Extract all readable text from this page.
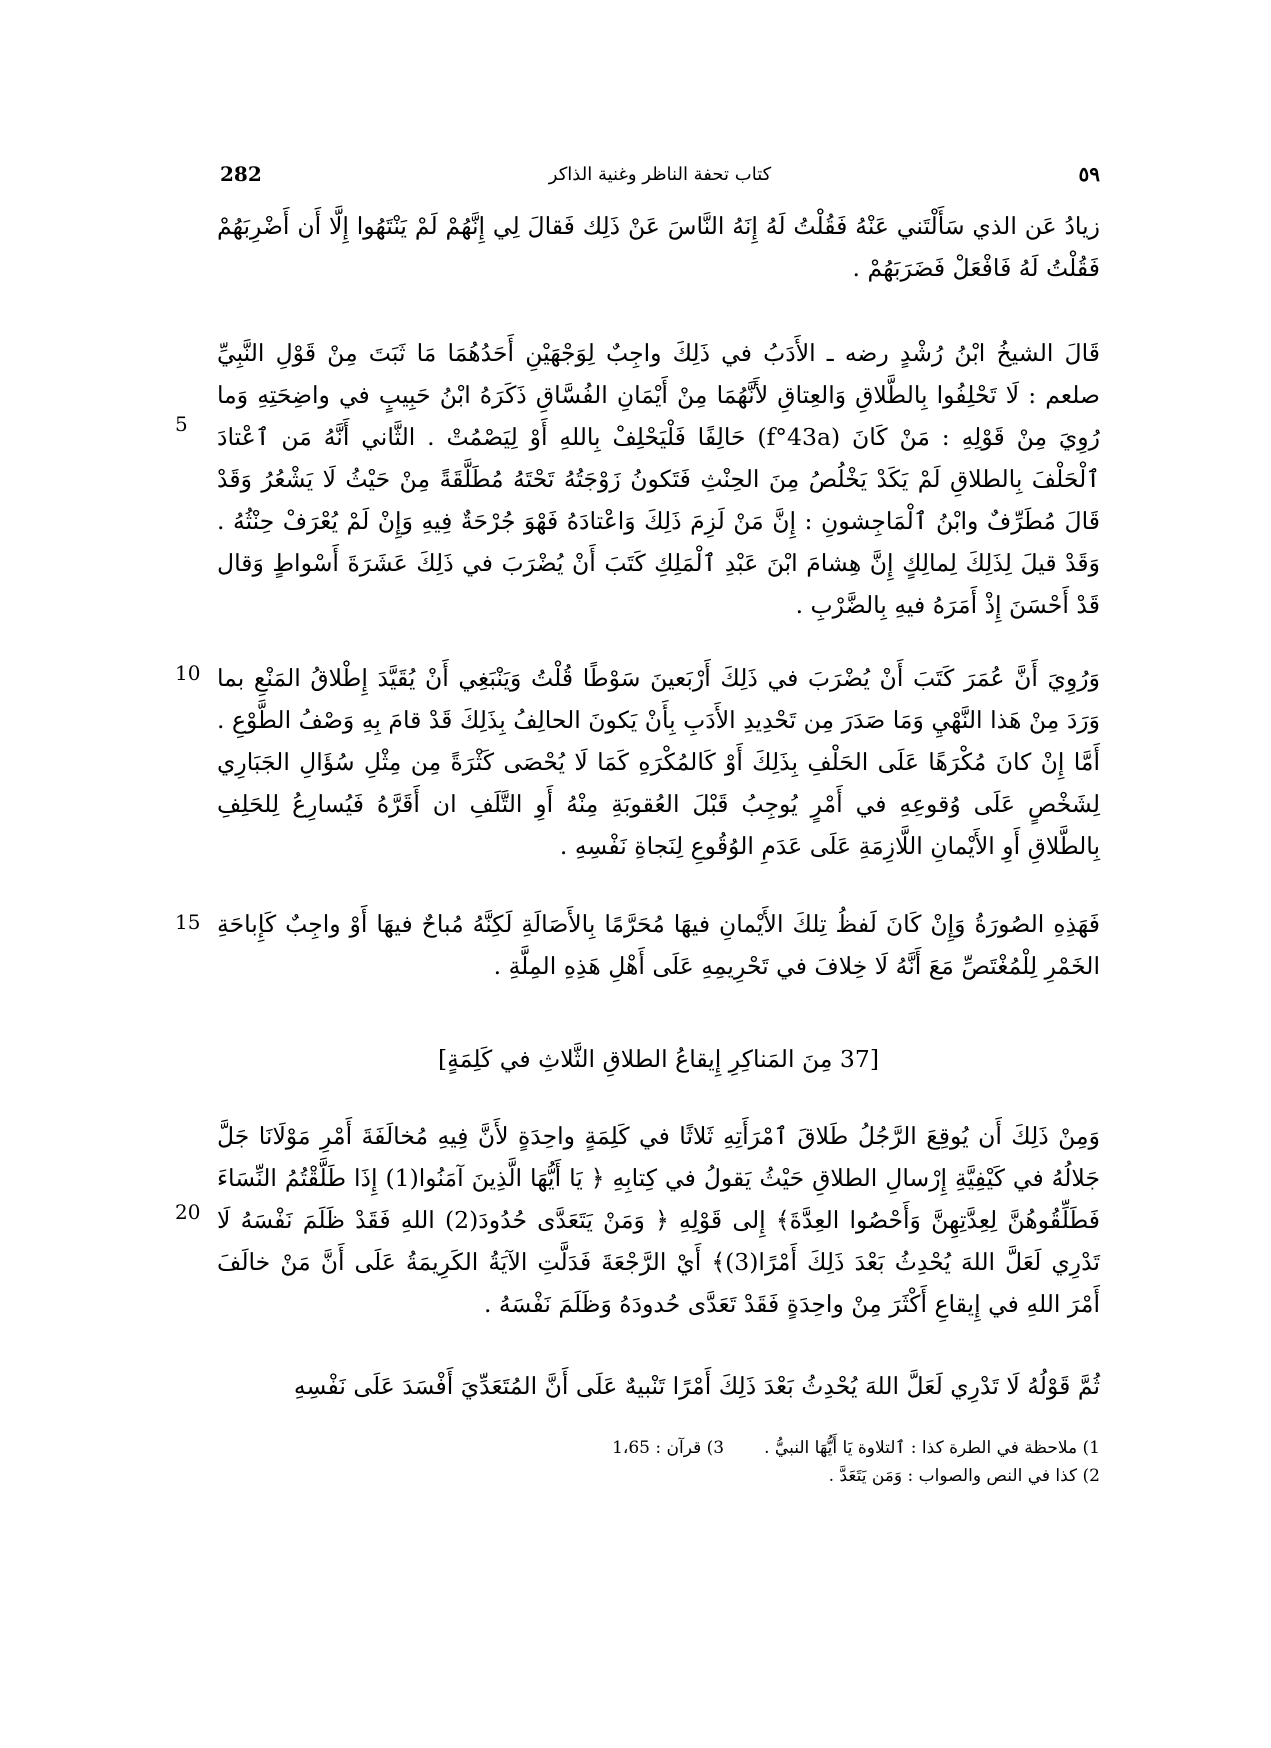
282	كتاب تحفة الناظر وغنية الذاكر	٥٩

زيادُ عَن الذي سَأَلْتَني عَنْهُ فَقُلْتُ لَهُ إِنَهُ النَّاسَ عَنْ ذَلِك فَقالَ لِي إِنَّهُمْ لَمْ يَنْتَهُوا إِلَّا أَن أَضْرِبَهُمْ فَقُلْتُ لَهُ فَافْعَلْ فَضَرَبَهُمْ .

قَالَ الشيخُ ابْنُ رُشْدٍ رضه ـ الأَدَبُ في ذَلِكَ واجِبٌ لِوَجْهَيْنِ أَحَدُهُمَا مَا ثَبَتَ مِنْ قَوْلِ النَّبِيِّ صلعم : لَا تَحْلِفُوا بِالطَّلاقِ وَالعِتاقِ لأَنَّهُمَا مِنْ أَيْمَانِ الفُسَّاقِ ذَكَرَهُ ابْنُ حَبِيبٍ في واضِحَتِهِ وَما رُوِيَ مِنْ قَوْلِهِ : مَنْ كَانَ (f°43a) حَالِفًا فَلْيَحْلِفْ بِاللهِ أَوْ لِيَصْمُتْ . الثَّاني أَنَّهُ مَن ٱعْتادَ ٱلْحَلْفَ بِالطلاقِ لَمْ يَكَدْ يَخْلُصُ مِنَ الحِنْثِ فَتَكونُ زَوْجَتُهُ تَحْتَهُ مُطَلَّقَةً مِنْ حَيْثُ لَا يَشْعُرُ وَقَدْ قَالَ مُطَرِّفٌ وابْنُ ٱلْمَاجِشونِ : إِنَّ مَنْ لَزِمَ ذَلِكَ وَاعْتادَهُ فَهْوَ جُرْحَةٌ فِيهِ وَإِنْ لَمْ يُعْرَفْ حِنْثُهُ . وَقَدْ قيلَ لِذَلِكَ لِمالِكٍ إِنَّ هِشامَ ابْنَ عَبْدِ ٱلْمَلِكِ كَتَبَ أَنْ يُضْرَبَ في ذَلِكَ عَشَرَةَ أَسْواطٍ وَقال قَدْ أَحْسَنَ إِذْ أَمَرَهُ فيهِ بِالضَّرْبِ .

5

وَرُوِيَ أَنَّ عُمَرَ كَتَبَ أَنْ يُضْرَبَ في ذَلِكَ أَرْبَعينَ سَوْطًا قُلْتُ وَيَنْبَغِي أَنْ يُقَيَّدَ إِطْلاقُ المَنْعِ بما وَرَدَ مِنْ هَذا النَّهْيِ وَمَا صَدَرَ مِن تَحْدِيدِ الأَدَبِ بِأَنْ يَكونَ الحالِفُ بِذَلِكَ قَدْ قامَ بِهِ وَصْفُ الطَّوْعِ . أَمَّا إِنْ كانَ مُكْرَهًا عَلَى الحَلْفِ بِذَلِكَ أَوْ كَالمُكْرَهِ كَمَا لَا يُحْصَى كَثْرَةً مِن مِثْلِ سُؤَالِ الجَبَارِي لِشَخْصٍ عَلَى وُقوعِهِ في أَمْرٍ يُوجِبُ قَبْلَ العُقوبَةِ مِنْهُ أَوِ التَّلَفِ ان أَقَرَّهُ فَيُسارِعُ لِلحَلِفِ بِالطَّلاقِ أَوِ الأَيْمانِ اللَّازِمَةِ عَلَى عَدَمِ الوُقُوعِ لِنَجاةِ نَفْسِهِ .

10

فَهَذِهِ الصُورَةُ وَإِنْ كَانَ لَفظُ تِلكَ الأَيْمانِ فيهَا مُحَرَّمًا بِالأَصَالَةِ لَكِنَّهُ مُباحٌ فيهَا أَوْ واجِبٌ كَإِباحَةِ الخَمْرِ لِلْمُغْتَصِّ مَعَ أَنَّهُ لَا خِلافَ في تَحْرِيمِهِ عَلَى أَهْلِ هَذِهِ المِلَّةِ .

15
[37 مِنَ المَناكِرِ إِيقاعُ الطلاقِ الثَّلاثِ في كَلِمَةٍ]

وَمِنْ ذَلِكَ أَن يُوقِعَ الرَّجُلُ طَلاقَ ٱمْرَأَتِهِ ثَلاثًا في كَلِمَةٍ واحِدَةٍ لأَنَّ فِيهِ مُخالَفَةَ أَمْرِ مَوْلَانَا جَلَّ جَلالُهُ في كَيْفِيَّةِ إِرْسالِ الطلاقِ حَيْثُ يَقولُ في كِتابِهِ ﴿ يَا أَيُّهَا الَّذِينَ آمَنُوا(1) إِذَا طَلَّقْتُمُ النِّسَاءَ فَطَلِّقُوهُنَّ لِعِدَّتِهِنَّ وَأَحْصُوا العِدَّةَ﴾ إِلى قَوْلِهِ ﴿ وَمَنْ يَتَعَدَّى حُدُودَ(2) اللهِ فَقَدْ ظَلَمَ نَفْسَهُ لَا تَدْرِي لَعَلَّ اللهَ يُحْدِثُ بَعْدَ ذَلِكَ أَمْرًا(3)﴾ أَيْ الرَّجْعَةَ فَدَلَّتِ الآيَةُ الكَرِيمَةُ عَلَى أَنَّ مَنْ خالَفَ أَمْرَ اللهِ في إِيقاعِ أَكْثَرَ مِنْ واحِدَةٍ فَقَدْ تَعَدَّى حُدودَهُ وَظَلَمَ نَفْسَهُ .

20

ثُمَّ قَوْلُهُ لَا تَدْرِي لَعَلَّ اللهَ يُحْدِثُ بَعْدَ ذَلِكَ أَمْرًا تَنْبيهٌ عَلَى أَنَّ المُتَعَدِّيَ أَفْسَدَ عَلَى نَفْسِهِ

1) ملاحظة في الطرة كذا : ٱلتلاوة يَا أَيُّهَا النبيُّ .
3) قرآن : 1،65
2) كذا في النص والصواب : وَمَن يَتَعَدَّ .
